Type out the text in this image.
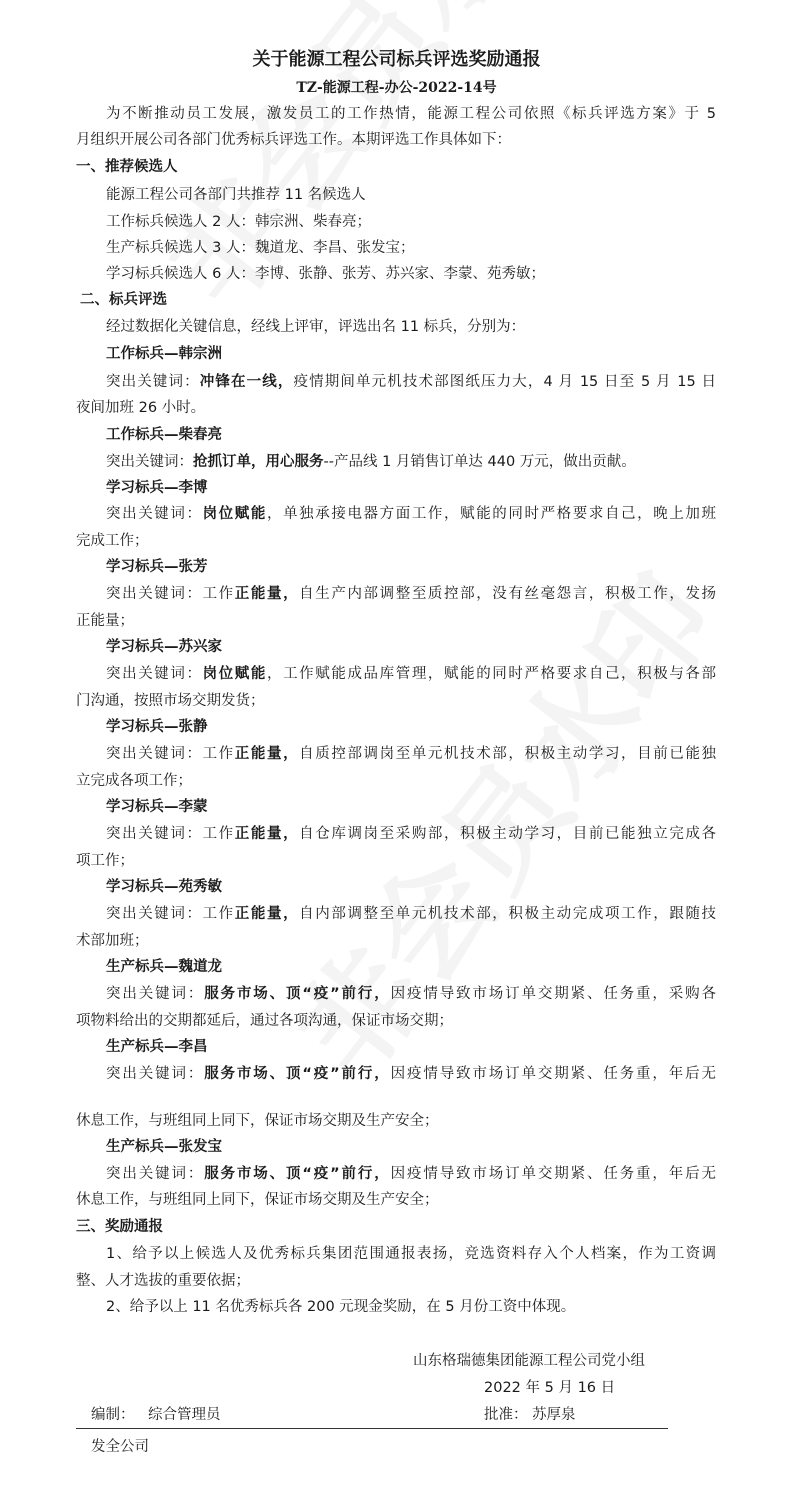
关于能源工程公司标兵评选奖励通报
TZ-能源工程-办公-2022-14号
为不断推动员工发展，激发员工的工作热情，能源工程公司依照《标兵评选方案》于 5
月组织开展公司各部门优秀标兵评选工作。本期评选工作具体如下：
一、推荐候选人
能源工程公司各部门共推荐 11 名候选人
工作标兵候选人 2 人：韩宗洲、柴春亮；
生产标兵候选人 3 人：魏道龙、李昌、张发宝；
学习标兵候选人 6 人：李博、张静、张芳、苏兴家、李蒙、苑秀敏；
二、标兵评选
经过数据化关键信息，经线上评审，评选出名 11 标兵，分别为：
工作标兵—韩宗洲
突出关键词：冲锋在一线，疫情期间单元机技术部图纸压力大，4 月 15 日至 5 月 15 日
夜间加班 26 小时。
工作标兵—柴春亮
突出关键词：抢抓订单，用心服务--产品线 1 月销售订单达 440 万元，做出贡献。
学习标兵—李博
突出关键词：岗位赋能，单独承接电器方面工作，赋能的同时严格要求自己，晚上加班
完成工作；
学习标兵—张芳
突出关键词：工作正能量，自生产内部调整至质控部，没有丝毫怨言，积极工作，发扬
正能量；
学习标兵—苏兴家
突出关键词：岗位赋能，工作赋能成品库管理，赋能的同时严格要求自己，积极与各部
门沟通，按照市场交期发货；
学习标兵—张静
突出关键词：工作正能量，自质控部调岗至单元机技术部，积极主动学习，目前已能独
立完成各项工作；
学习标兵—李蒙
突出关键词：工作正能量，自仓库调岗至采购部，积极主动学习，目前已能独立完成各
项工作；
学习标兵—苑秀敏
突出关键词：工作正能量，自内部调整至单元机技术部，积极主动完成项工作，跟随技
术部加班；
生产标兵—魏道龙
突出关键词：服务市场、顶“疫”前行，因疫情导致市场订单交期紧、任务重，采购各
项物料给出的交期都延后，通过各项沟通，保证市场交期；
生产标兵—李昌
突出关键词：服务市场、顶“疫”前行，因疫情导致市场订单交期紧、任务重，年后无
休息工作，与班组同上同下，保证市场交期及生产安全；
生产标兵—张发宝
突出关键词：服务市场、顶“疫”前行，因疫情导致市场订单交期紧、任务重，年后无
休息工作，与班组同上同下，保证市场交期及生产安全；
三、奖励通报
1、给予以上候选人及优秀标兵集团范围通报表扬，竞选资料存入个人档案，作为工资调
整、人才选拔的重要依据；
2、给予以上 11 名优秀标兵各 200 元现金奖励，在 5 月份工资中体现。
山东格瑞德集团能源工程公司党小组
2022 年 5 月 16 日
编制： 综合管理员	批准： 苏厚泉
发全公司
